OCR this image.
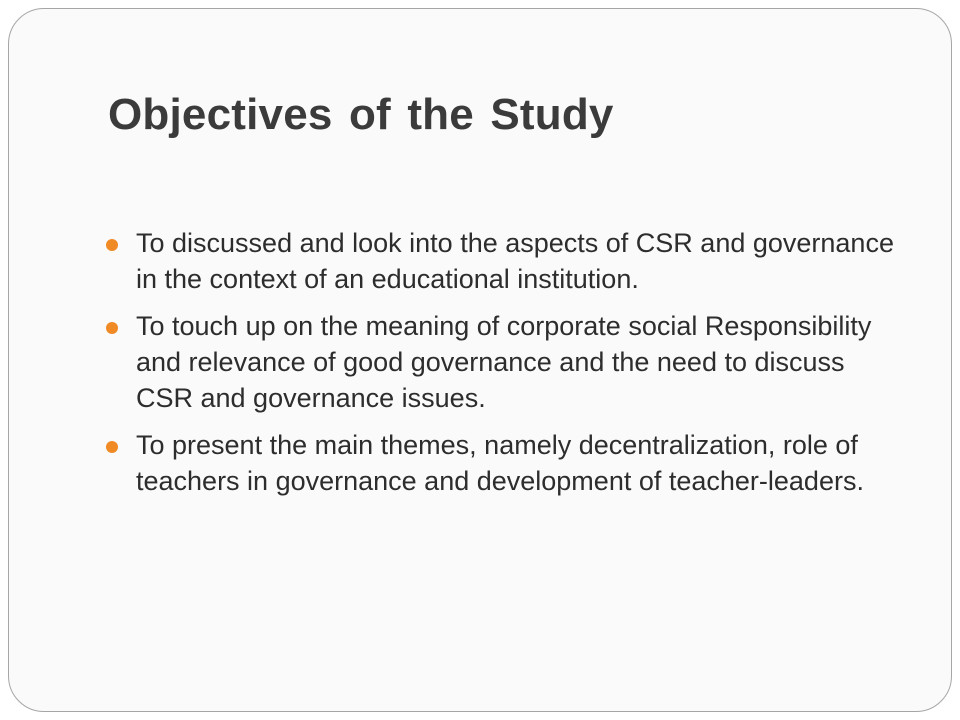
Objectives of the Study
To discussed and look into the aspects of CSR and governance in the context of an educational institution.
To touch up on the meaning of corporate social Responsibility and relevance of good governance and the need to discuss CSR and governance issues.
To present the main themes, namely decentralization, role of teachers in governance and development of teacher-leaders.
